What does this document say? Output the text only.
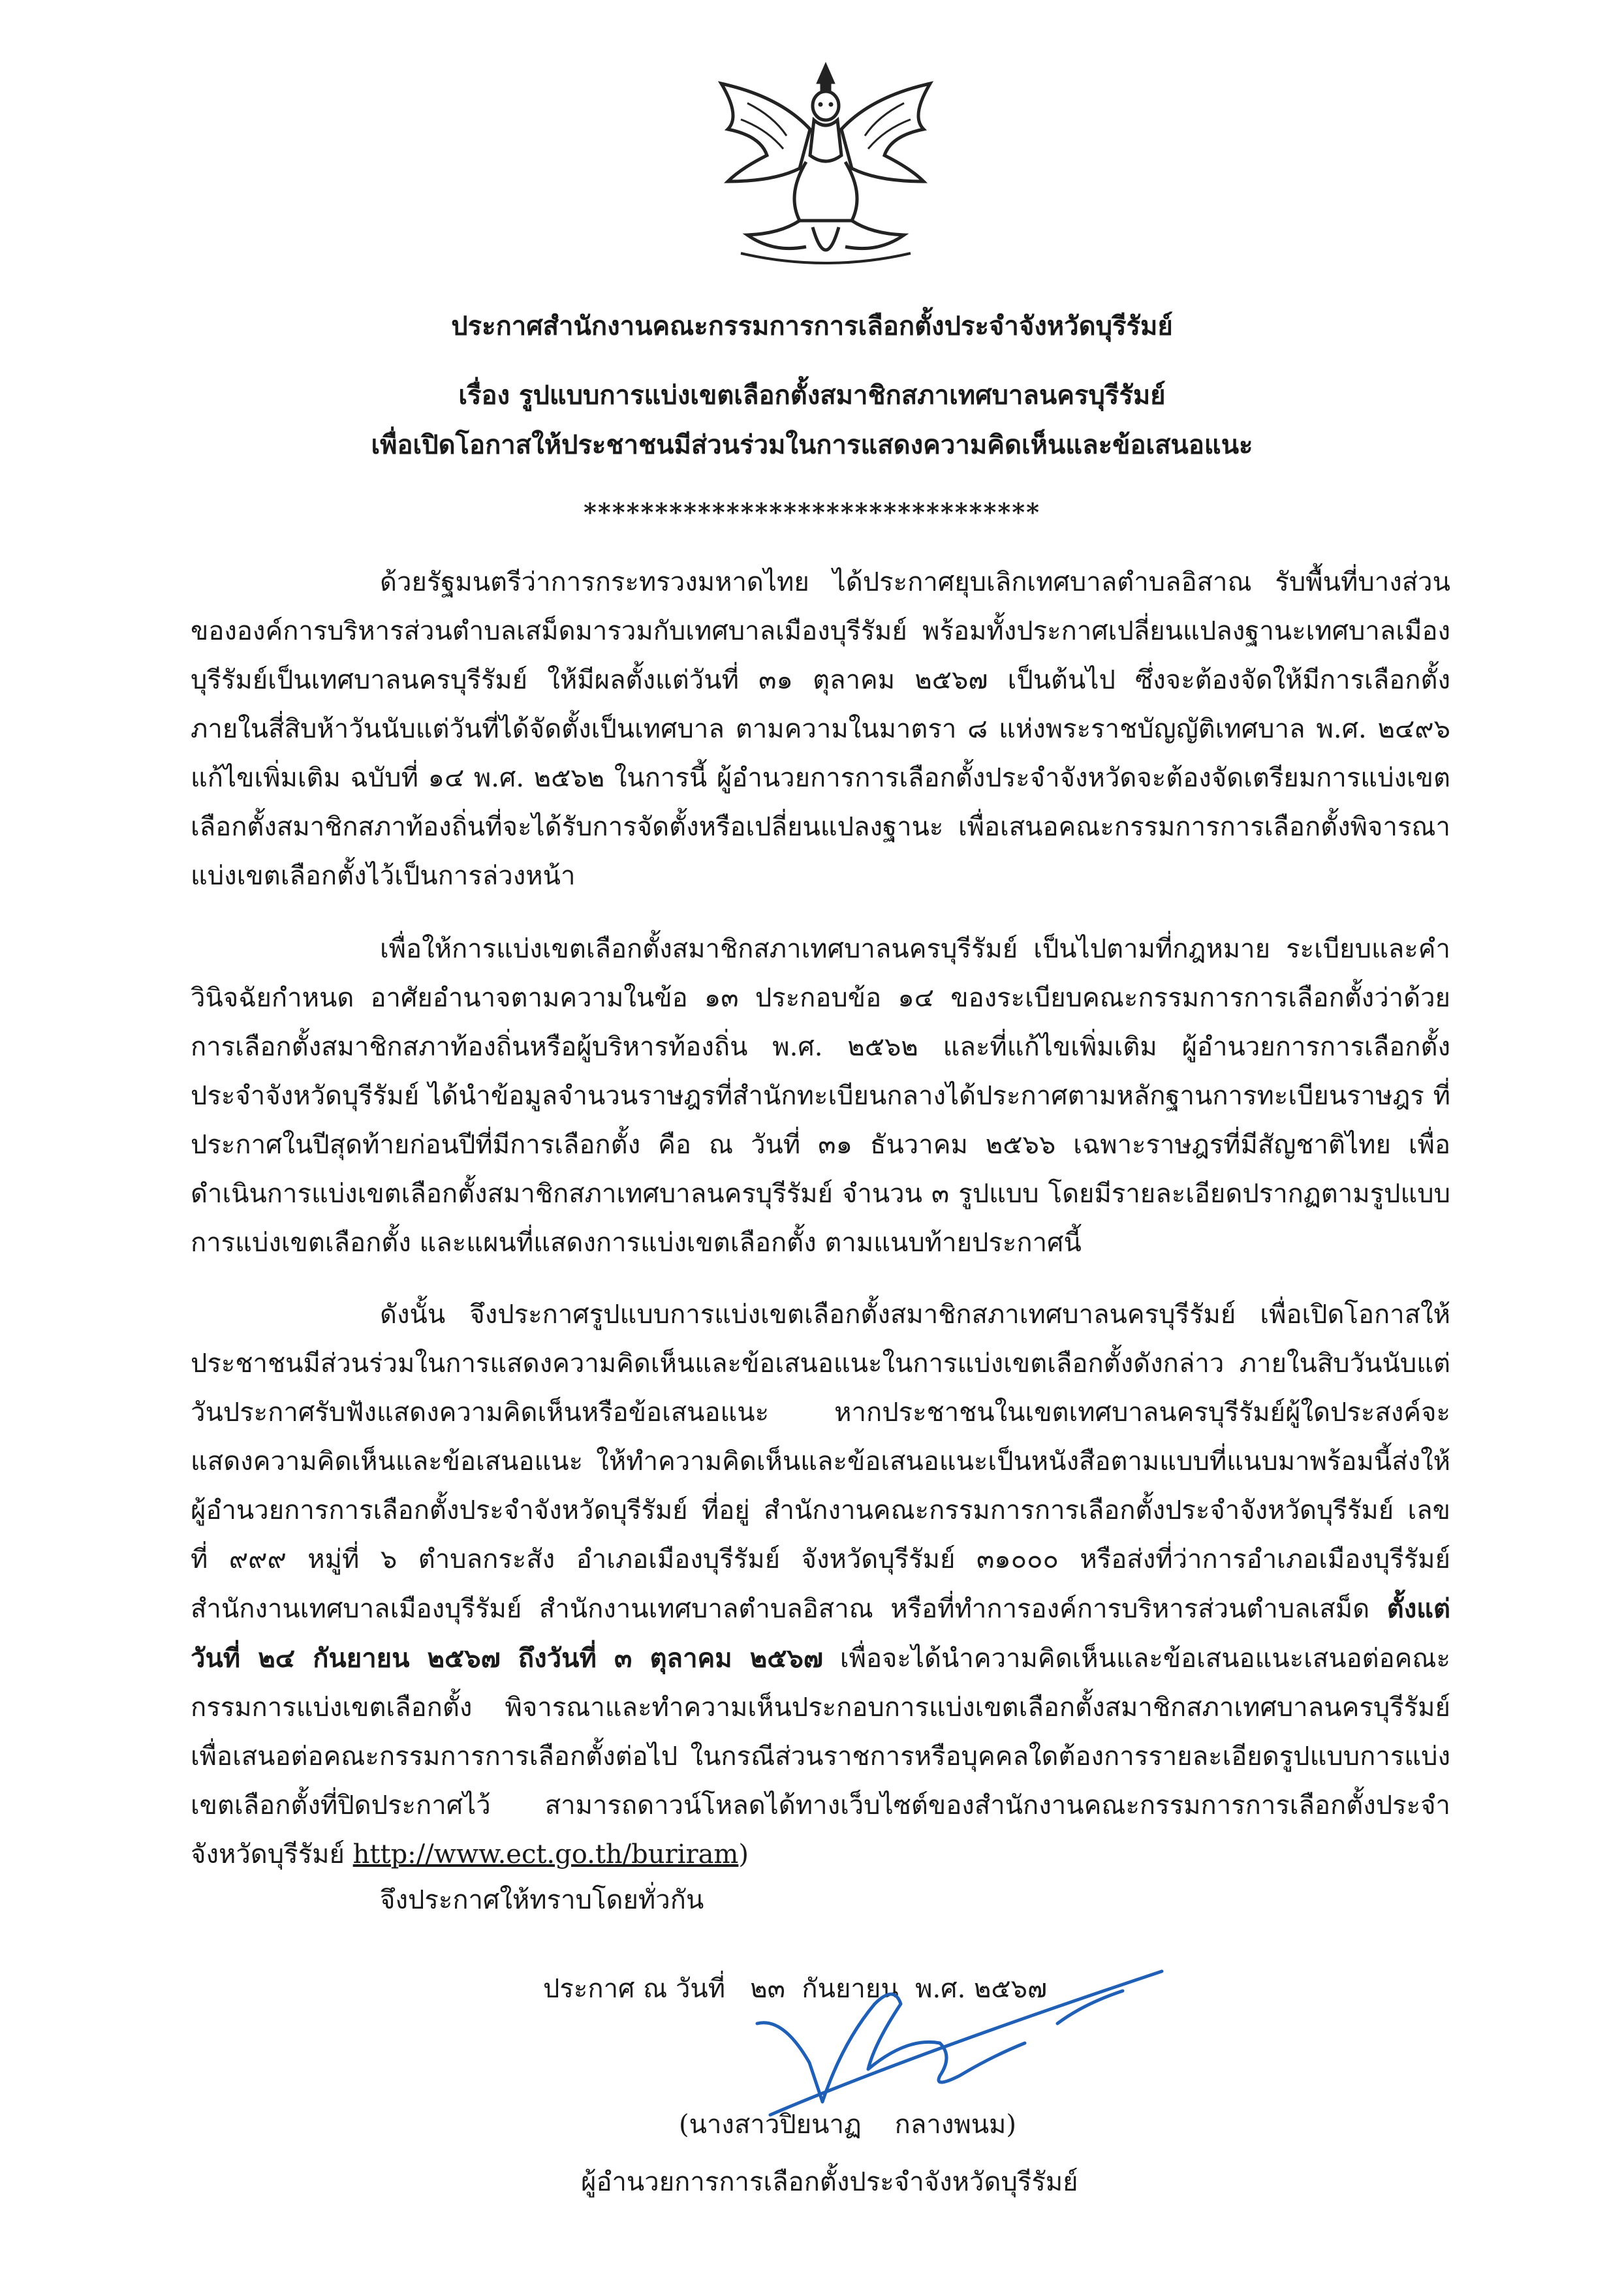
ประกาศสำนักงานคณะกรรมการการเลือกตั้งประจำจังหวัดบุรีรัมย์
เรื่อง รูปแบบการแบ่งเขตเลือกตั้งสมาชิกสภาเทศบาลนครบุรีรัมย์
เพื่อเปิดโอกาสให้ประชาชนมีส่วนร่วมในการแสดงความคิดเห็นและข้อเสนอแนะ
********************************
ด้วยรัฐมนตรีว่าการกระทรวงมหาดไทย ได้ประกาศยุบเลิกเทศบาลตำบลอิสาณ รับพื้นที่บางส่วนขององค์การบริหารส่วนตำบลเสม็ดมารวมกับเทศบาลเมืองบุรีรัมย์ พร้อมทั้งประกาศเปลี่ยนแปลงฐานะเทศบาลเมืองบุรีรัมย์เป็นเทศบาลนครบุรีรัมย์ ให้มีผลตั้งแต่วันที่ ๓๑ ตุลาคม ๒๕๖๗ เป็นต้นไป ซึ่งจะต้องจัดให้มีการเลือกตั้งภายในสี่สิบห้าวันนับแต่วันที่ได้จัดตั้งเป็นเทศบาล ตามความในมาตรา ๘ แห่งพระราชบัญญัติเทศบาล พ.ศ. ๒๔๙๖ แก้ไขเพิ่มเติม ฉบับที่ ๑๔ พ.ศ. ๒๕๖๒ ในการนี้ ผู้อำนวยการการเลือกตั้งประจำจังหวัดจะต้องจัดเตรียมการแบ่งเขตเลือกตั้งสมาชิกสภาท้องถิ่นที่จะได้รับการจัดตั้งหรือเปลี่ยนแปลงฐานะ เพื่อเสนอคณะกรรมการการเลือกตั้งพิจารณาแบ่งเขตเลือกตั้งไว้เป็นการล่วงหน้า
เพื่อให้การแบ่งเขตเลือกตั้งสมาชิกสภาเทศบาลนครบุรีรัมย์ เป็นไปตามที่กฎหมาย ระเบียบและคำวินิจฉัยกำหนด อาศัยอำนาจตามความในข้อ ๑๓ ประกอบข้อ ๑๔ ของระเบียบคณะกรรมการการเลือกตั้งว่าด้วยการเลือกตั้งสมาชิกสภาท้องถิ่นหรือผู้บริหารท้องถิ่น พ.ศ. ๒๕๖๒ และที่แก้ไขเพิ่มเติม ผู้อำนวยการการเลือกตั้งประจำจังหวัดบุรีรัมย์ ได้นำข้อมูลจำนวนราษฎรที่สำนักทะเบียนกลางได้ประกาศตามหลักฐานการทะเบียนราษฎร ที่ประกาศในปีสุดท้ายก่อนปีที่มีการเลือกตั้ง คือ ณ วันที่ ๓๑ ธันวาคม ๒๕๖๖ เฉพาะราษฎรที่มีสัญชาติไทย เพื่อดำเนินการแบ่งเขตเลือกตั้งสมาชิกสภาเทศบาลนครบุรีรัมย์ จำนวน ๓ รูปแบบ โดยมีรายละเอียดปรากฏตามรูปแบบการแบ่งเขตเลือกตั้ง และแผนที่แสดงการแบ่งเขตเลือกตั้ง ตามแนบท้ายประกาศนี้
ดังนั้น จึงประกาศรูปแบบการแบ่งเขตเลือกตั้งสมาชิกสภาเทศบาลนครบุรีรัมย์ เพื่อเปิดโอกาสให้ประชาชนมีส่วนร่วมในการแสดงความคิดเห็นและข้อเสนอแนะในการแบ่งเขตเลือกตั้งดังกล่าว ภายในสิบวันนับแต่วันประกาศรับฟังแสดงความคิดเห็นหรือข้อเสนอแนะ หากประชาชนในเขตเทศบาลนครบุรีรัมย์ผู้ใดประสงค์จะแสดงความคิดเห็นและข้อเสนอแนะ ให้ทำความคิดเห็นและข้อเสนอแนะเป็นหนังสือตามแบบที่แนบมาพร้อมนี้ส่งให้ผู้อำนวยการการเลือกตั้งประจำจังหวัดบุรีรัมย์ ที่อยู่ สำนักงานคณะกรรมการการเลือกตั้งประจำจังหวัดบุรีรัมย์ เลขที่ ๙๙๙ หมู่ที่ ๖ ตำบลกระสัง อำเภอเมืองบุรีรัมย์ จังหวัดบุรีรัมย์ ๓๑๐๐๐ หรือส่งที่ว่าการอำเภอเมืองบุรีรัมย์ สำนักงานเทศบาลเมืองบุรีรัมย์ สำนักงานเทศบาลตำบลอิสาณ หรือที่ทำการองค์การบริหารส่วนตำบลเสม็ด ตั้งแต่วันที่ ๒๔ กันยายน ๒๕๖๗ ถึงวันที่ ๓ ตุลาคม ๒๕๖๗ เพื่อจะได้นำความคิดเห็นและข้อเสนอแนะเสนอต่อคณะกรรมการแบ่งเขตเลือกตั้ง พิจารณาและทำความเห็นประกอบการแบ่งเขตเลือกตั้งสมาชิกสภาเทศบาลนครบุรีรัมย์ เพื่อเสนอต่อคณะกรรมการการเลือกตั้งต่อไป ในกรณีส่วนราชการหรือบุคคลใดต้องการรายละเอียดรูปแบบการแบ่งเขตเลือกตั้งที่ปิดประกาศไว้ สามารถดาวน์โหลดได้ทางเว็บไซต์ของสำนักงานคณะกรรมการการเลือกตั้งประจำจังหวัดบุรีรัมย์ http://www.ect.go.th/buriram)
จึงประกาศให้ทราบโดยทั่วกัน
ประกาศ ณ วันที่   ๒๓  กันยายน  พ.ศ. ๒๕๖๗
(นางสาวปิยนาฏ    กลางพนม)
ผู้อำนวยการการเลือกตั้งประจำจังหวัดบุรีรัมย์
